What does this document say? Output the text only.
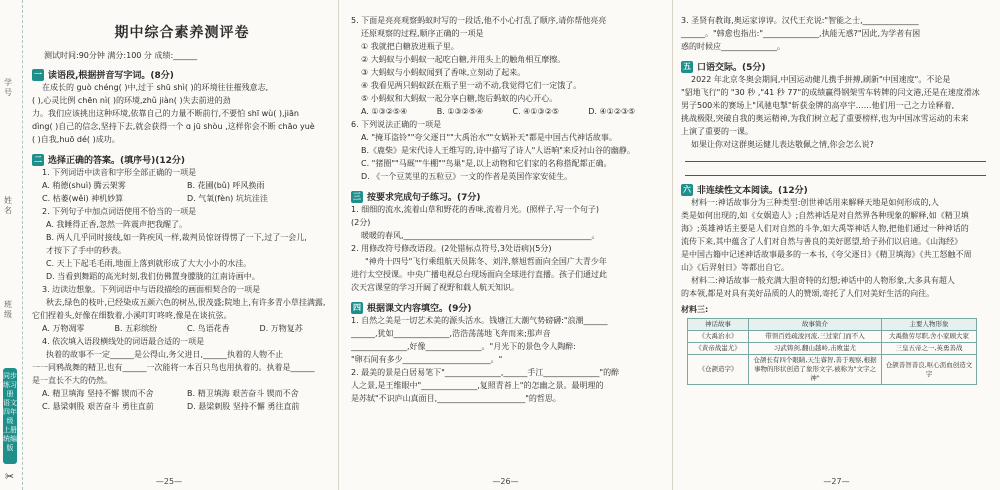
学号
姓名
班级
同步练习册 语文四年级 上册 统编版
✂
期中综合素养测评卷
测试时间:90分钟 满分:100 分 成绩:______
一 读语段,根据拼音写字词。(8分)
在成长的 guò chéng( )中,过于 shū shì( )的环境往往摧残意志,
( ),心灵比例 chēn nì( )的环境,zhǔ jiàn( )失去前进的劲
力。我们应该挑出这种环境,依靠自己的力量不断前行,不要怕 shī wù( ),jiān
dìng( )自己的信念,坚持下去,就会获得一个 ɑ jū shòu ,这样你会不断 chāo yuè
( )自我,huō dé( )成功。
二 选择正确的答案。(填序号)(12分)
1. 下列词语中读音和字形全部正确的一项是
A. 稍德(shuì) 腾云架雾	B. 花圃(bǔ) 呼风换雨
C. 枯萎(wěi) 神机妙算	D. 气氧(fèn) 坑坑洼洼
2. 下列句子中加点词语使用不恰当的一项是
A. 我睡得正香,忽然一阵震声把我醒了。
B. 两人几乎同时接线,如一阵疾风一样,裁判员惊讶得愣了一下,过了一会儿,
才按下了手中的秒表。
C. 天上下起毛毛雨,地面上落到就形成了大大小小的水洼。
D. 当看到舞蹈的高光时刻,我们仿佛置身朦胧的江南诗画中。
3. 边读边想象。下列词语中与语段描绘的画面相契合的一项是
秋去,绿色的枝叶,已经染成五颜六色的树丛,很茂盛;院地上,有许多青小草挂满露,
它们捏着头,好像在细数着,小溪叮叮咚咚,像是在谈抗弦。
A. 万物凋零	B. 五彩缤纷	C. 鸟语花香	D. 万物复苏
4. 依次填入语段横线处的词语最合适的一项是
执着的故事不一定______是公得山,务父进日,______执着的人物不止
一一同鸦战舞的精卫,也有______一次能将一本百只鸟也用执着的。执着是______
是一直长不大的仍然。
A. 精卫填海 坚持不懈 锲而不舍	B. 精卫填海 艰苦奋斗 锲而不舍
C. 悬梁刺股 艰苦奋斗 勇往直前	D. 悬梁刺股 坚持不懈 勇往直前
—25—
5. 下面是亮亮观察蚂蚁时写的一段话,他不小心打乱了顺序,请你帮他亮亮
还原观察的过程,顺序正确的一项是
① 我就把白糖放进瓶子里。
② 大蚂蚁与小蚂蚁一起吃白糖,并用头上的触角相互摩擦。
③ 大蚂蚁与小蚂蚁闻到了香味,立刻动了起来。
④ 我看见两只蚂蚁跃在瓶子里一动不动,我觉得它们一定饿了。
⑤ 小蚂蚁和大蚂蚁一起分享白糖,饱后蚂蚁的内心开心。
A. ①③②⑤④	B. ①③②⑤④	C. ④①③②⑤	D. ④①②③⑤
6. 下列说法正确的一项是
A. "掩耳盗铃""夸父逐日""大禹治水""女娲补天"都是中国古代神话故事。
B.《鹿柴》是宋代诗人王维写的,诗中描写了诗人"人语响"来反衬山谷的幽静。
C. "猪圈""马厩""牛棚""鸟巢"是,以上动物和它们家的名称搭配都正确。
D. 《一个豆荚里的五粒豆》一文的作者是英国作家安徒生。
三 按要求完成句子练习。(7分)
1. 细细的流水,流着山草和野花的香味,流着月光。(照样子,写一个句子)
(2分)
暖暖的春风,_______________________________________________。
2. 用修改符号修改语段。(2处错标点符号,3处语病)(5分)
"神舟十四号"飞行乘组航天员陈冬、刘洋,蔡旭哲面向全国广大青少年
进行太空授课。中央广播电视总台现场面向全球进行直播。孩子们通过此
次天宫课堂的学习开阔了视野和载人航天知识。
四 根据课文内容填空。(9分)
1. 自然之美是一切艺术美的源头活水。钱塘江大潮气势磅礴:"浪潮______
______,犹如______________,浩浩荡荡地飞奔而来;那声音
______________,好像______________。"月光下的景色令人陶醉:
"卵石间有多少______________________。"
2. 最美的景是白居易笔下"______________,______手江______________"的醉
人之景,是王维眼中"______________,复照青苔上"的怎幽之景。最明理的
是苏轼"不识庐山真面目,______________________"的哲思。
—26—
3. 圣贤有教诲,奥运家谆谆。汉代王充说:"智能之士,______________
______。"韩愈也指出:"______________,执能无惑?"因此,为学者有困
惑的时候应______________。
五 口语交际。(5分)
2022 年北京冬奥会期间,中国运动健儿携手拼搏,刷新"中国速度"。不论是
"貂地飞行"的 "30 秒 ,"41 秒 77"的成绩赢得钢架雪车转牌的闫文港,还是在速度滑冰
男子500米的赛场上"风驰电掣"斩获金牌的高亭宇……他们用一己之力诠释着,
挑战极限,突破自我的奥运精神,为我们树立起了重要榜样,也为中国冰雪运动的未来
上演了重要的一课。
如果让你对这群奥运健儿表达敬佩之情,你会怎么说?
六 非连续性文本阅读。(12分)
材料一:神话故事分为三种类型:创世神话用来解释天地是如何形成的,人
类是如何出现的,如《女娲造人》;自然神话是对自然界各种现象的解释,如《精卫填
海》;英雄神话主要是人们对自然的斗争,如大禹等神话人物,把他们通过一种神话的
流传下来,其中蕴含了人们对自然与善良的美好愿望,给子孙们以启迪。《山海经》
是中国古籍中记述神话故事最多的一本书,《夸父逐日》《精卫填海》《共工怒触不周
山》《后羿射日》等都出自它。
材料二:神话故事一般充满大胆奇特的幻想;神话中的人物形象,大多具有超人
的本领,都是对具有美好品质的人的赞颂,寄托了人们对美好生活的向往。
材料三:
神话故事	故事简介	主要人物形象
《大禹治水》	带领百姓疏浚河流,三过家门而不入	大禹勤劳尽职,舍小家顾大家
《黄帝战蚩尤》	习武铸剑,翻山越岭,击败蚩尤	三皇五帝之一,英勇善战
《仓颉造字》	仓颉长有四个眼睛,天生睿智,善于观察,根据事物的形状创造了象形文字,被称为"文字之神"	仓颉善智善良,呕心沥血创造文字
—27—
